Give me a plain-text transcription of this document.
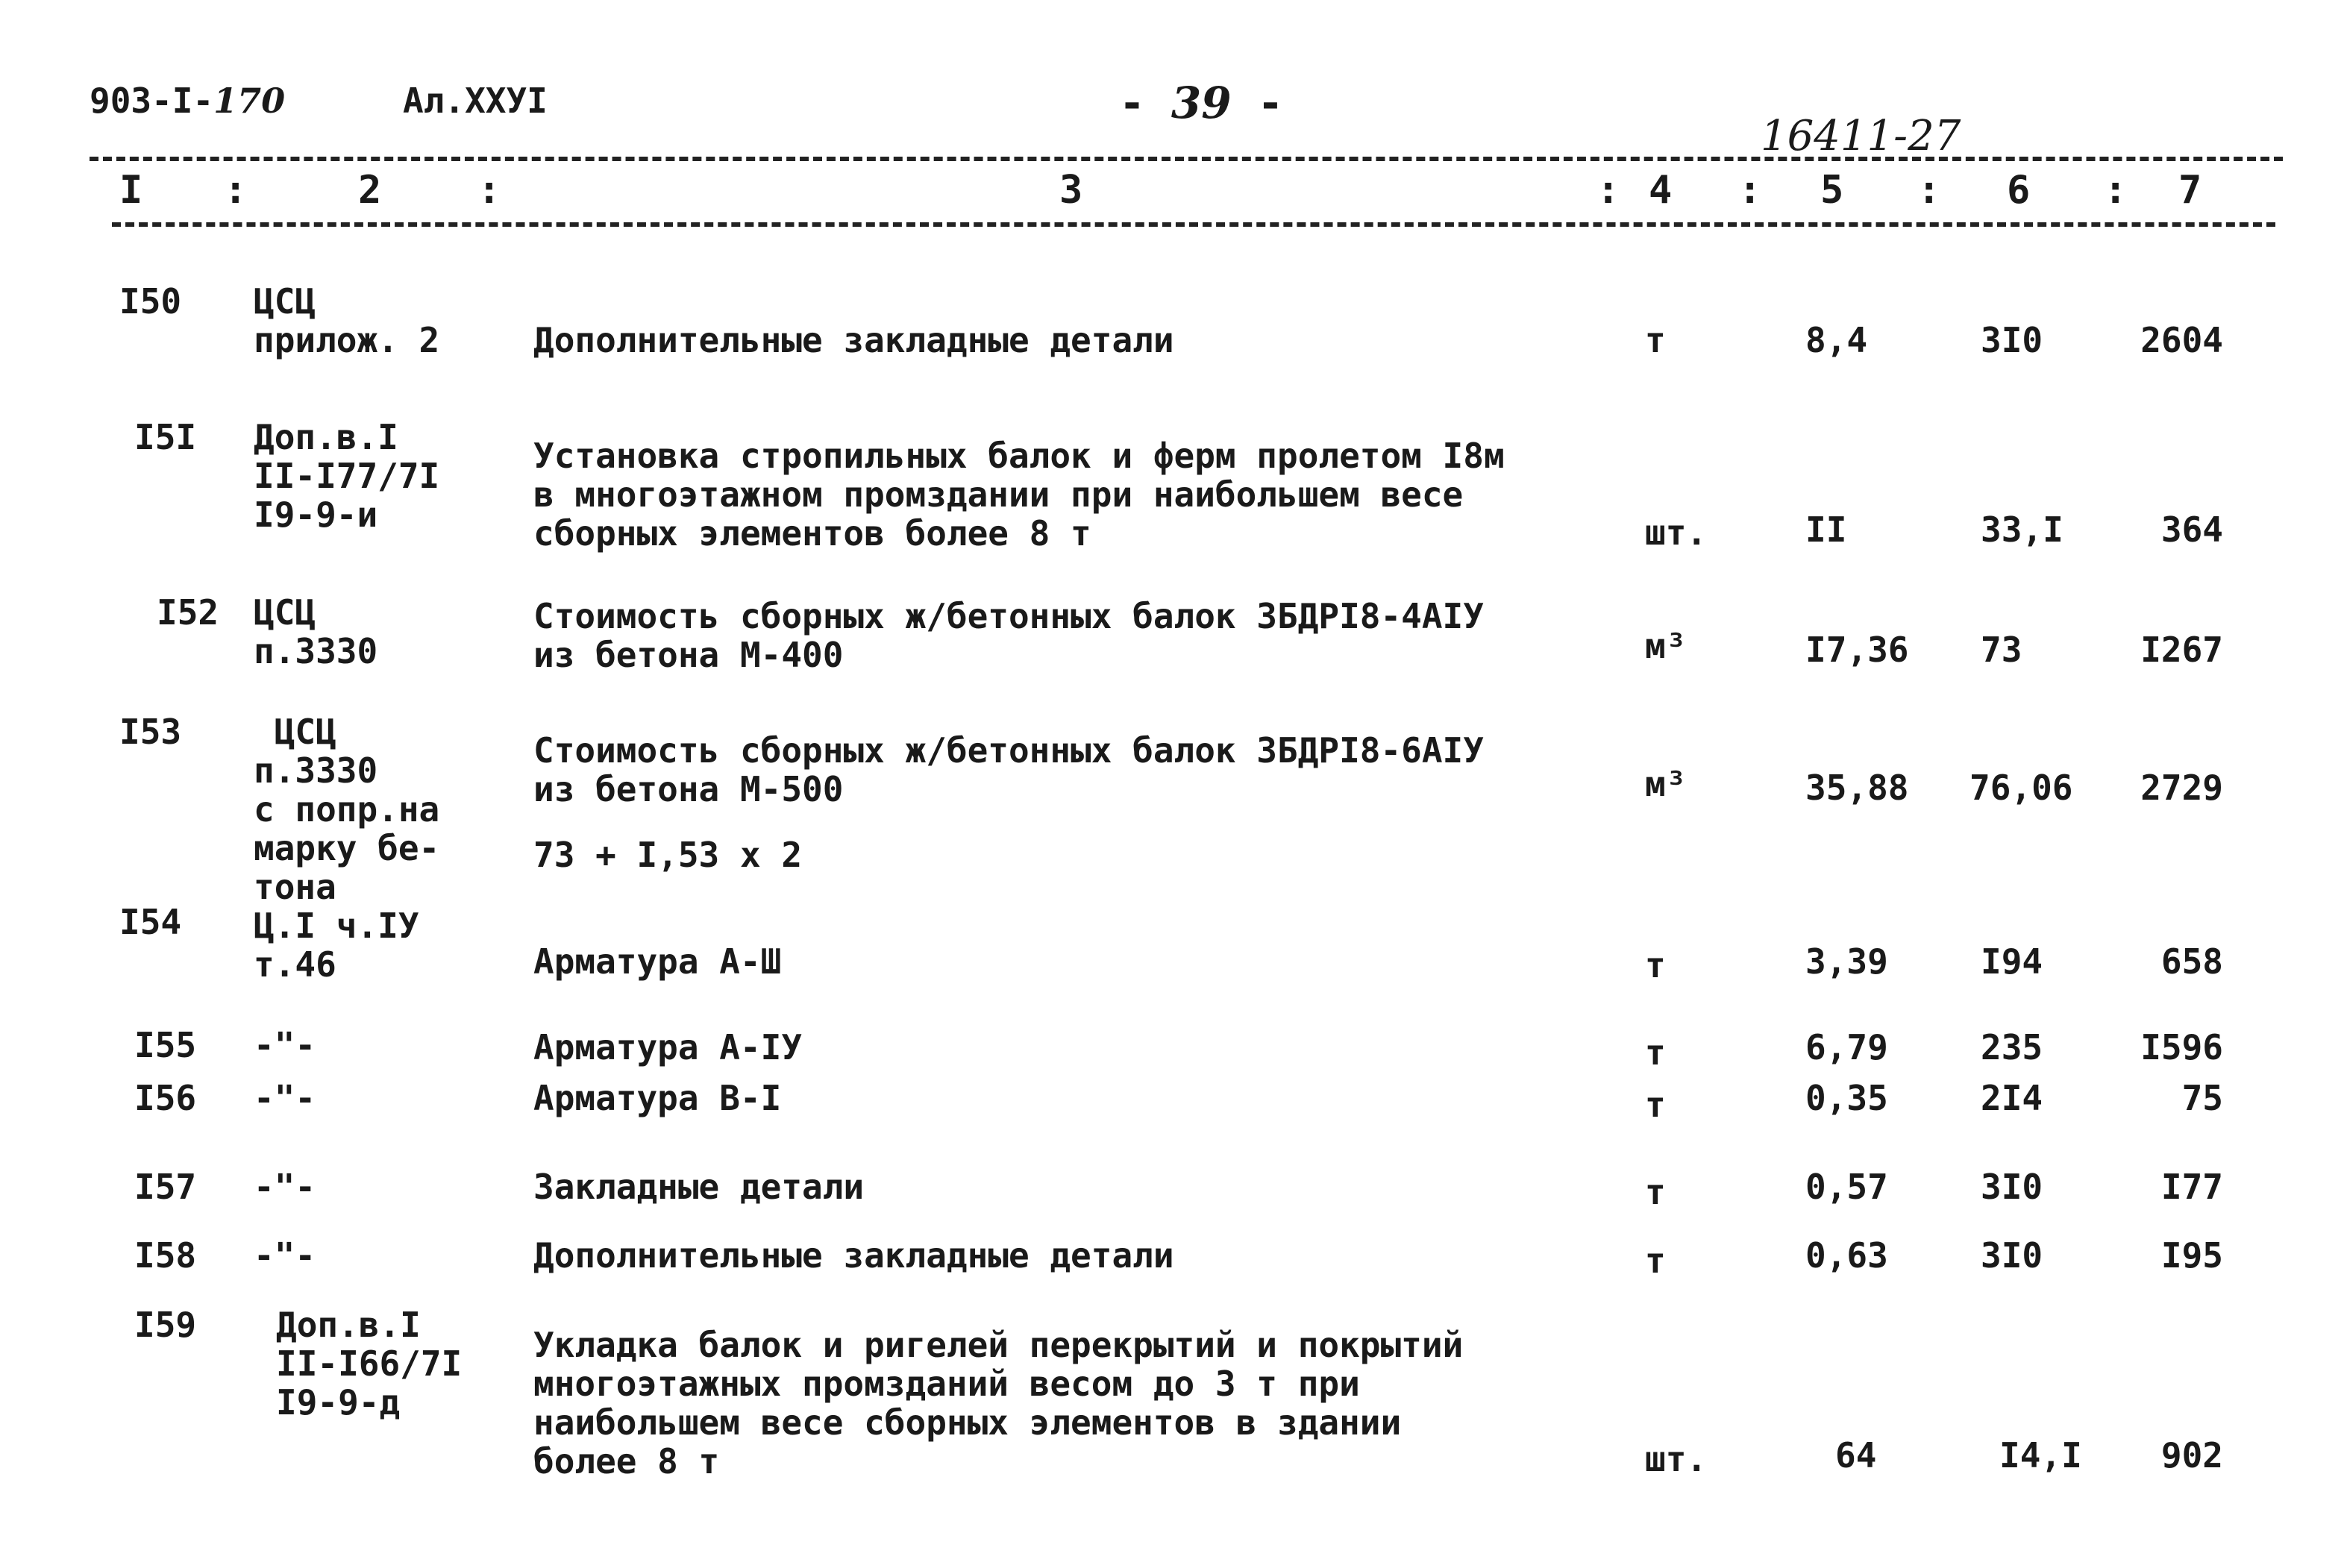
903-I-170	Ал.XXУI	- 39 -
16411-27
I	2	3	4	5	6	7
:	:	:	:	:	:
I50 ЦСЦ
прилож. 2	Дополнительные закладные детали	т	8,4	3I0	2604
I5I Доп.в.I
II-I77/7I
I9-9-и
Установка стропильных балок и ферм пролетом I8м
в многоэтажном промздании при наибольшем весе
сборных элементов более 8 т	шт.	II	33,I	364
I52 ЦСЦ
п.3330
Стоимость сборных ж/бетонных балок 3БДРI8-4АIУ
из бетона М-400	м³	I7,36 73	I267
I53	ЦСЦ
п.3330
с попр.на
марку бе-
тона
Стоимость сборных ж/бетонных балок 3БДРI8-6АIУ
из бетона М-500
73 + I,53 x 2
м³	35,88 76,06	2729
I54 Ц.I ч.IУ
т.46	Арматура А-Ш	т	3,39	I94	658
I55 -"-	Арматура А-IУ	т	6,79	235	I596
I56 -"-	Арматура В-I	т	0,35	2I4	75
I57 -"-	Закладные детали	т	0,57	3I0	I77
I58 -"-	Дополнительные закладные детали	т	0,63	3I0	I95
I59 Доп.в.I
II-I66/7I
I9-9-д
Укладка балок и ригелей перекрытий и покрытий
многоэтажных промзданий весом до 3 т при
наибольшем весе сборных элементов в здании
более 8 т	шт.	64	I4,I	902
